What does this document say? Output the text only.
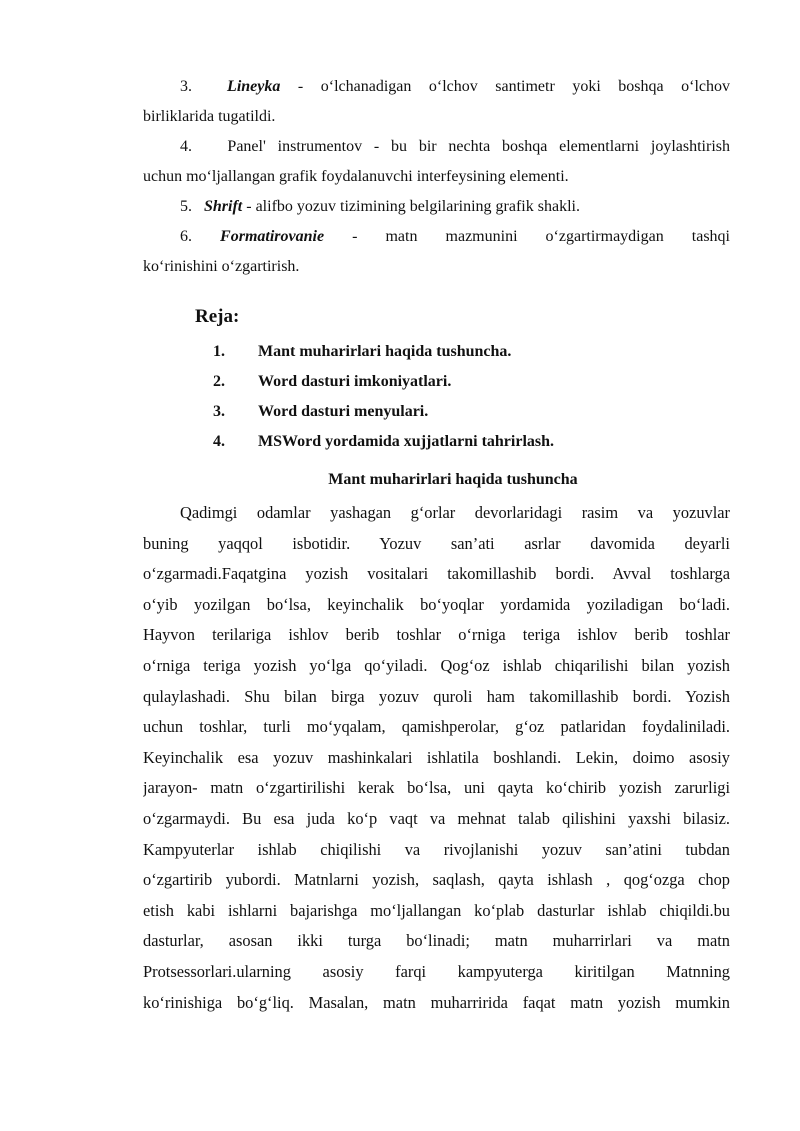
3. Lineyka - o‘lchanadigan o‘lchov santimetr yoki boshqa o‘lchov
birliklarida tugatildi.
4. Panel' instrumentov - bu bir nechta boshqa elementlarni joylashtirish
uchun mo‘ljallangan grafik foydalanuvchi interfeysining elementi.
5. Shrift - alifbo yozuv tizimining belgilarining grafik shakli.
6. Formatirovanie - matn mazmunini o‘zgartirmaydigan tashqi
ko‘rinishini o‘zgartirish.
Reja:
1. Mant muharirlari haqida tushuncha.
2. Word dasturi imkoniyatlari.
3. Word dasturi menyulari.
4. MSWord yordamida xujjatlarni tahrirlash.
Mant muharirlari haqida tushuncha
Qadimgi odamlar yashagan g‘orlar devorlaridagi rasim va yozuvlar
buning yaqqol isbotidir. Yozuv san’ati asrlar davomida deyarli
o‘zgarmadi.Faqatgina yozish vositalari takomillashib bordi. Avval toshlarga
o‘yib yozilgan bo‘lsa, keyinchalik bo‘yoqlar yordamida yoziladigan bo‘ladi.
Hayvon terilariga ishlov berib toshlar o‘rniga teriga ishlov berib toshlar
o‘rniga teriga yozish yo‘lga qo‘yiladi. Qog‘oz ishlab chiqarilishi bilan yozish
qulaylashadi. Shu bilan birga yozuv quroli ham takomillashib bordi. Yozish
uchun toshlar, turli mo‘yqalam, qamishperolar, g‘oz patlaridan foydaliniladi.
Keyinchalik esa yozuv mashinkalari ishlatila boshlandi. Lekin, doimo asosiy
jarayon- matn o‘zgartirilishi kerak bo‘lsa, uni qayta ko‘chirib yozish zarurligi
o‘zgarmaydi. Bu esa juda ko‘p vaqt va mehnat talab qilishini yaxshi bilasiz.
Kampyuterlar ishlab chiqilishi va rivojlanishi yozuv san’atini tubdan
o‘zgartirib yubordi. Matnlarni yozish, saqlash, qayta ishlash , qog‘ozga chop
etish kabi ishlarni bajarishga mo‘ljallangan ko‘plab dasturlar ishlab chiqildi.bu
dasturlar, asosan ikki turga bo‘linadi; matn muharrirlari va matn
Protsessorlari.ularning asosiy farqi kampyuterga kiritilgan Matnning
ko‘rinishiga bo‘g‘liq. Masalan, matn muharririda faqat matn yozish mumkin
